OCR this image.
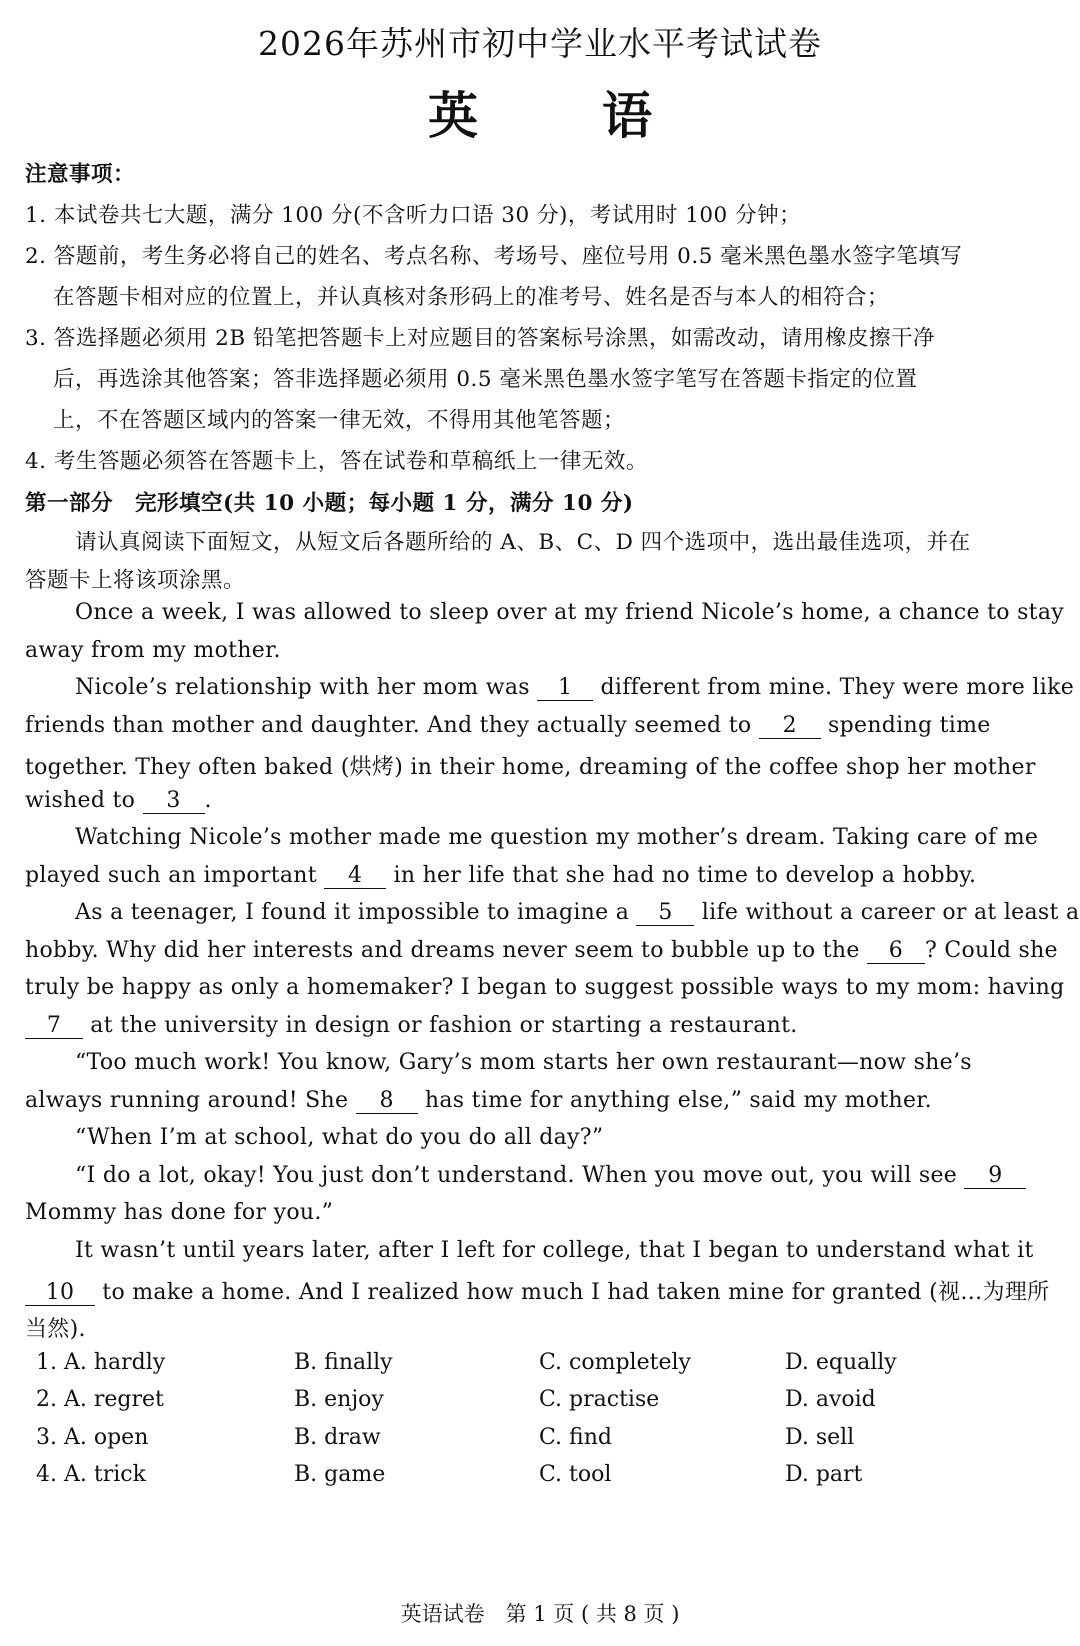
2026年苏州市初中学业水平考试试卷
英 语
注意事项：
1. 本试卷共七大题，满分 100 分(不含听力口语 30 分)，考试用时 100 分钟；
2. 答题前，考生务必将自己的姓名、考点名称、考场号、座位号用 0.5 毫米黑色墨水签字笔填写
在答题卡相对应的位置上，并认真核对条形码上的准考号、姓名是否与本人的相符合；
3. 答选择题必须用 2B 铅笔把答题卡上对应题目的答案标号涂黑，如需改动，请用橡皮擦干净
后，再选涂其他答案；答非选择题必须用 0.5 毫米黑色墨水签字笔写在答题卡指定的位置
上，不在答题区域内的答案一律无效，不得用其他笔答题；
4. 考生答题必须答在答题卡上，答在试卷和草稿纸上一律无效。
第一部分　完形填空(共 10 小题；每小题 1 分，满分 10 分)
请认真阅读下面短文，从短文后各题所给的 A、B、C、D 四个选项中，选出最佳选项，并在
答题卡上将该项涂黑。
Once a week, I was allowed to sleep over at my friend Nicole’s home, a chance to stay
away from my mother.
Nicole’s relationship with her mom was 1 different from mine. They were more like
friends than mother and daughter. And they actually seemed to 2 spending time
together. They often baked (烘烤) in their home, dreaming of the coffee shop her mother
wished to 3 .
Watching Nicole’s mother made me question my mother’s dream. Taking care of me
played such an important 4 in her life that she had no time to develop a hobby.
As a teenager, I found it impossible to imagine a 5 life without a career or at least a
hobby. Why did her interests and dreams never seem to bubble up to the 6 ? Could she
truly be happy as only a homemaker? I began to suggest possible ways to my mom: having
7 at the university in design or fashion or starting a restaurant.
“Too much work! You know, Gary’s mom starts her own restaurant—now she’s
always running around! She 8 has time for anything else,” said my mother.
“When I’m at school, what do you do all day?”
“I do a lot, okay! You just don’t understand. When you move out, you will see 9
Mommy has done for you.”
It wasn’t until years later, after I left for college, that I began to understand what it
10 to make a home. And I realized how much I had taken mine for granted (视…为理所
当然).
1. A. hardly	B. finally	C. completely	D. equally
2. A. regret	B. enjoy	C. practise	D. avoid
3. A. open	B. draw	C. find	D. sell
4. A. trick	B. game	C. tool	D. part
英语试卷　第 1 页 ( 共 8 页 )
